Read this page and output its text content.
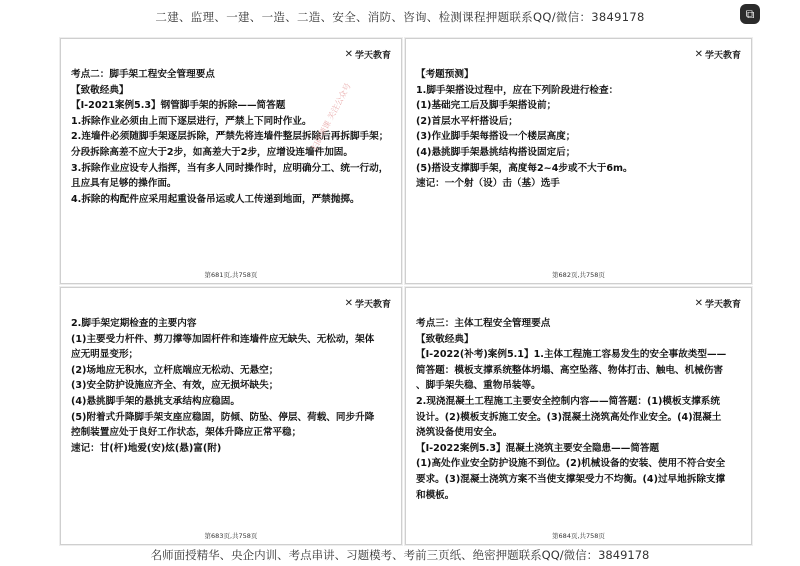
二建、监理、一建、一造、二造、安全、消防、咨询、检测课程押题联系QQ/微信：3849178	⧉
✕ 学天教育

考点二：脚手架工程安全管理要点

【致敬经典】

【Ⅰ-2021案例5.3】钢管脚手架的拆除——简答题

1.拆除作业必须由上而下逐层进行，严禁上下同时作业。

2.连墙件必须随脚手架逐层拆除，严禁先将连墙件整层拆除后再拆脚手架；

分段拆除高差不应大于2步，如高差大于2步，应增设连墙件加固。

3.拆除作业应设专人指挥，当有多人同时操作时，应明确分工、统一行动，

且应具有足够的操作面。

4.拆除的构配件应采用起重设备吊运或人工传递到地面，严禁抛掷。

扫码领课 关注公众号
第681页,共758页
✕ 学天教育

【考题预测】

1.脚手架搭设过程中，应在下列阶段进行检查：

(1)基础完工后及脚手架搭设前；

(2)首层水平杆搭设后；

(3)作业脚手架每搭设一个楼层高度；

(4)悬挑脚手架悬挑结构搭设固定后；

(5)搭设支撑脚手架，高度每2~4步或不大于6m。

速记：一个射（设）击（基）选手

第682页,共758页
✕ 学天教育

2.脚手架定期检查的主要内容

(1)主要受力杆件、剪刀撑等加固杆件和连墙件应无缺失、无松动，架体

应无明显变形；

(2)场地应无积水，立杆底端应无松动、无悬空；

(3)安全防护设施应齐全、有效，应无损坏缺失；

(4)悬挑脚手架的悬挑支承结构应稳固。

(5)附着式升降脚手架支座应稳固，防倾、防坠、停层、荷载、同步升降

控制装置应处于良好工作状态，架体升降应正常平稳；

速记：甘(杆)地爱(安)炫(悬)富(附)

第683页,共758页
✕ 学天教育

考点三：主体工程安全管理要点

【致敬经典】

【Ⅰ-2022(补考)案例5.1】1.主体工程施工容易发生的安全事故类型——

简答题：模板支撑系统整体坍塌、高空坠落、物体打击、触电、机械伤害

、脚手架失稳、重物吊装等。

2.现浇混凝土工程施工主要安全控制内容——简答题：(1)模板支撑系统

设计。(2)模板支拆施工安全。(3)混凝土浇筑高处作业安全。(4)混凝土

浇筑设备使用安全。

【Ⅰ-2022案例5.3】混凝土浇筑主要安全隐患——简答题

(1)高处作业安全防护设施不到位。(2)机械设备的安装、使用不符合安全

要求。(3)混凝土浇筑方案不当使支撑架受力不均衡。(4)过早地拆除支撑

和模板。

第684页,共758页
名师面授精华、央企内训、考点串讲、习题模考、考前三页纸、绝密押题联系QQ/微信：3849178
